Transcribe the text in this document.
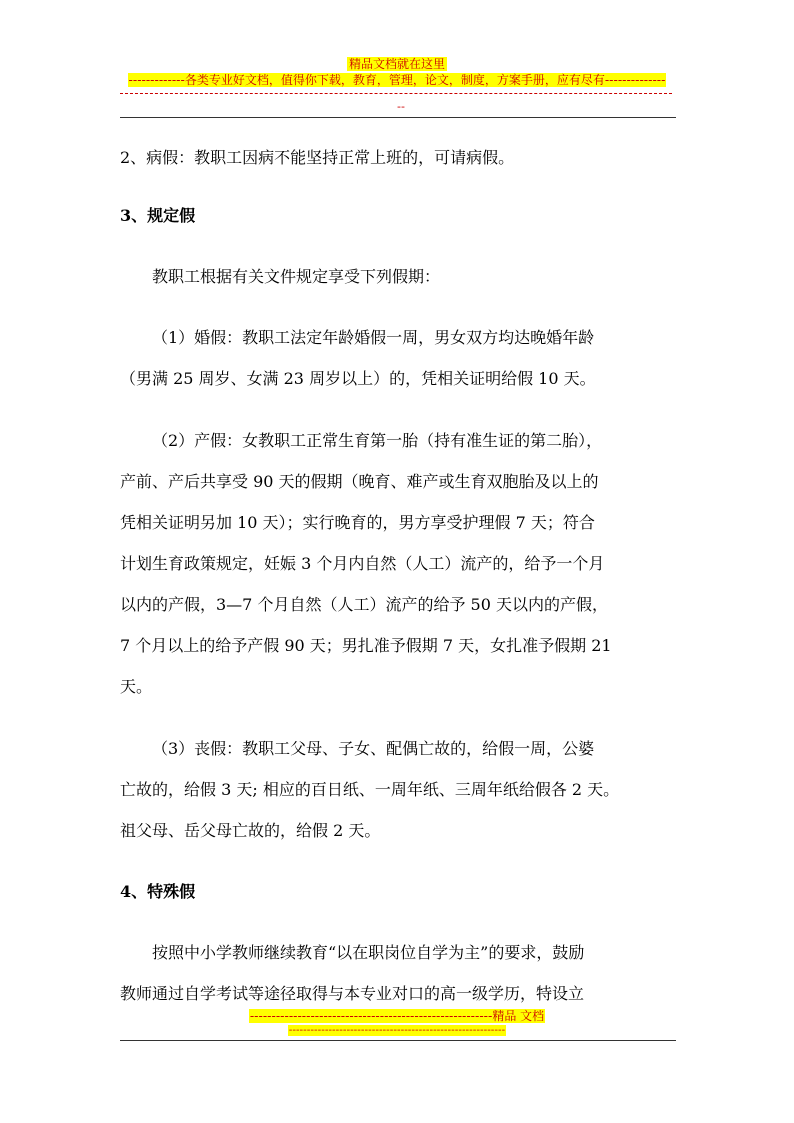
精品文档就在这里
-------------各类专业好文档，值得你下载，教育，管理，论文，制度，方案手册，应有尽有--------------
--

2、病假：教职工因病不能坚持正常上班的，可请病假。

3、规定假

教职工根据有关文件规定享受下列假期：

（1）婚假：教职工法定年龄婚假一周，男女双方均达晚婚年龄

（男满 25 周岁、女满 23 周岁以上）的，凭相关证明给假 10 天。

（2）产假：女教职工正常生育第一胎（持有准生证的第二胎），

产前、产后共享受 90 天的假期（晚育、难产或生育双胞胎及以上的

凭相关证明另加 10 天）；实行晚育的，男方享受护理假 7 天；符合

计划生育政策规定，妊娠 3 个月内自然（人工）流产的，给予一个月

以内的产假，3—7 个月自然（人工）流产的给予 50 天以内的产假，

7 个月以上的给予产假 90 天；男扎准予假期 7 天，女扎准予假期 21

天。

（3）丧假：教职工父母、子女、配偶亡故的，给假一周，公婆

亡故的，给假 3 天; 相应的百日纸、一周年纸、三周年纸给假各 2 天。

祖父母、岳父母亡故的，给假 2 天。

4、特殊假

按照中小学教师继续教育“以在职岗位自学为主”的要求，鼓励

教师通过自学考试等途径取得与本专业对口的高一级学历，特设立

--------------------------------------------------------精品 文档
------------------------------------------------------------
